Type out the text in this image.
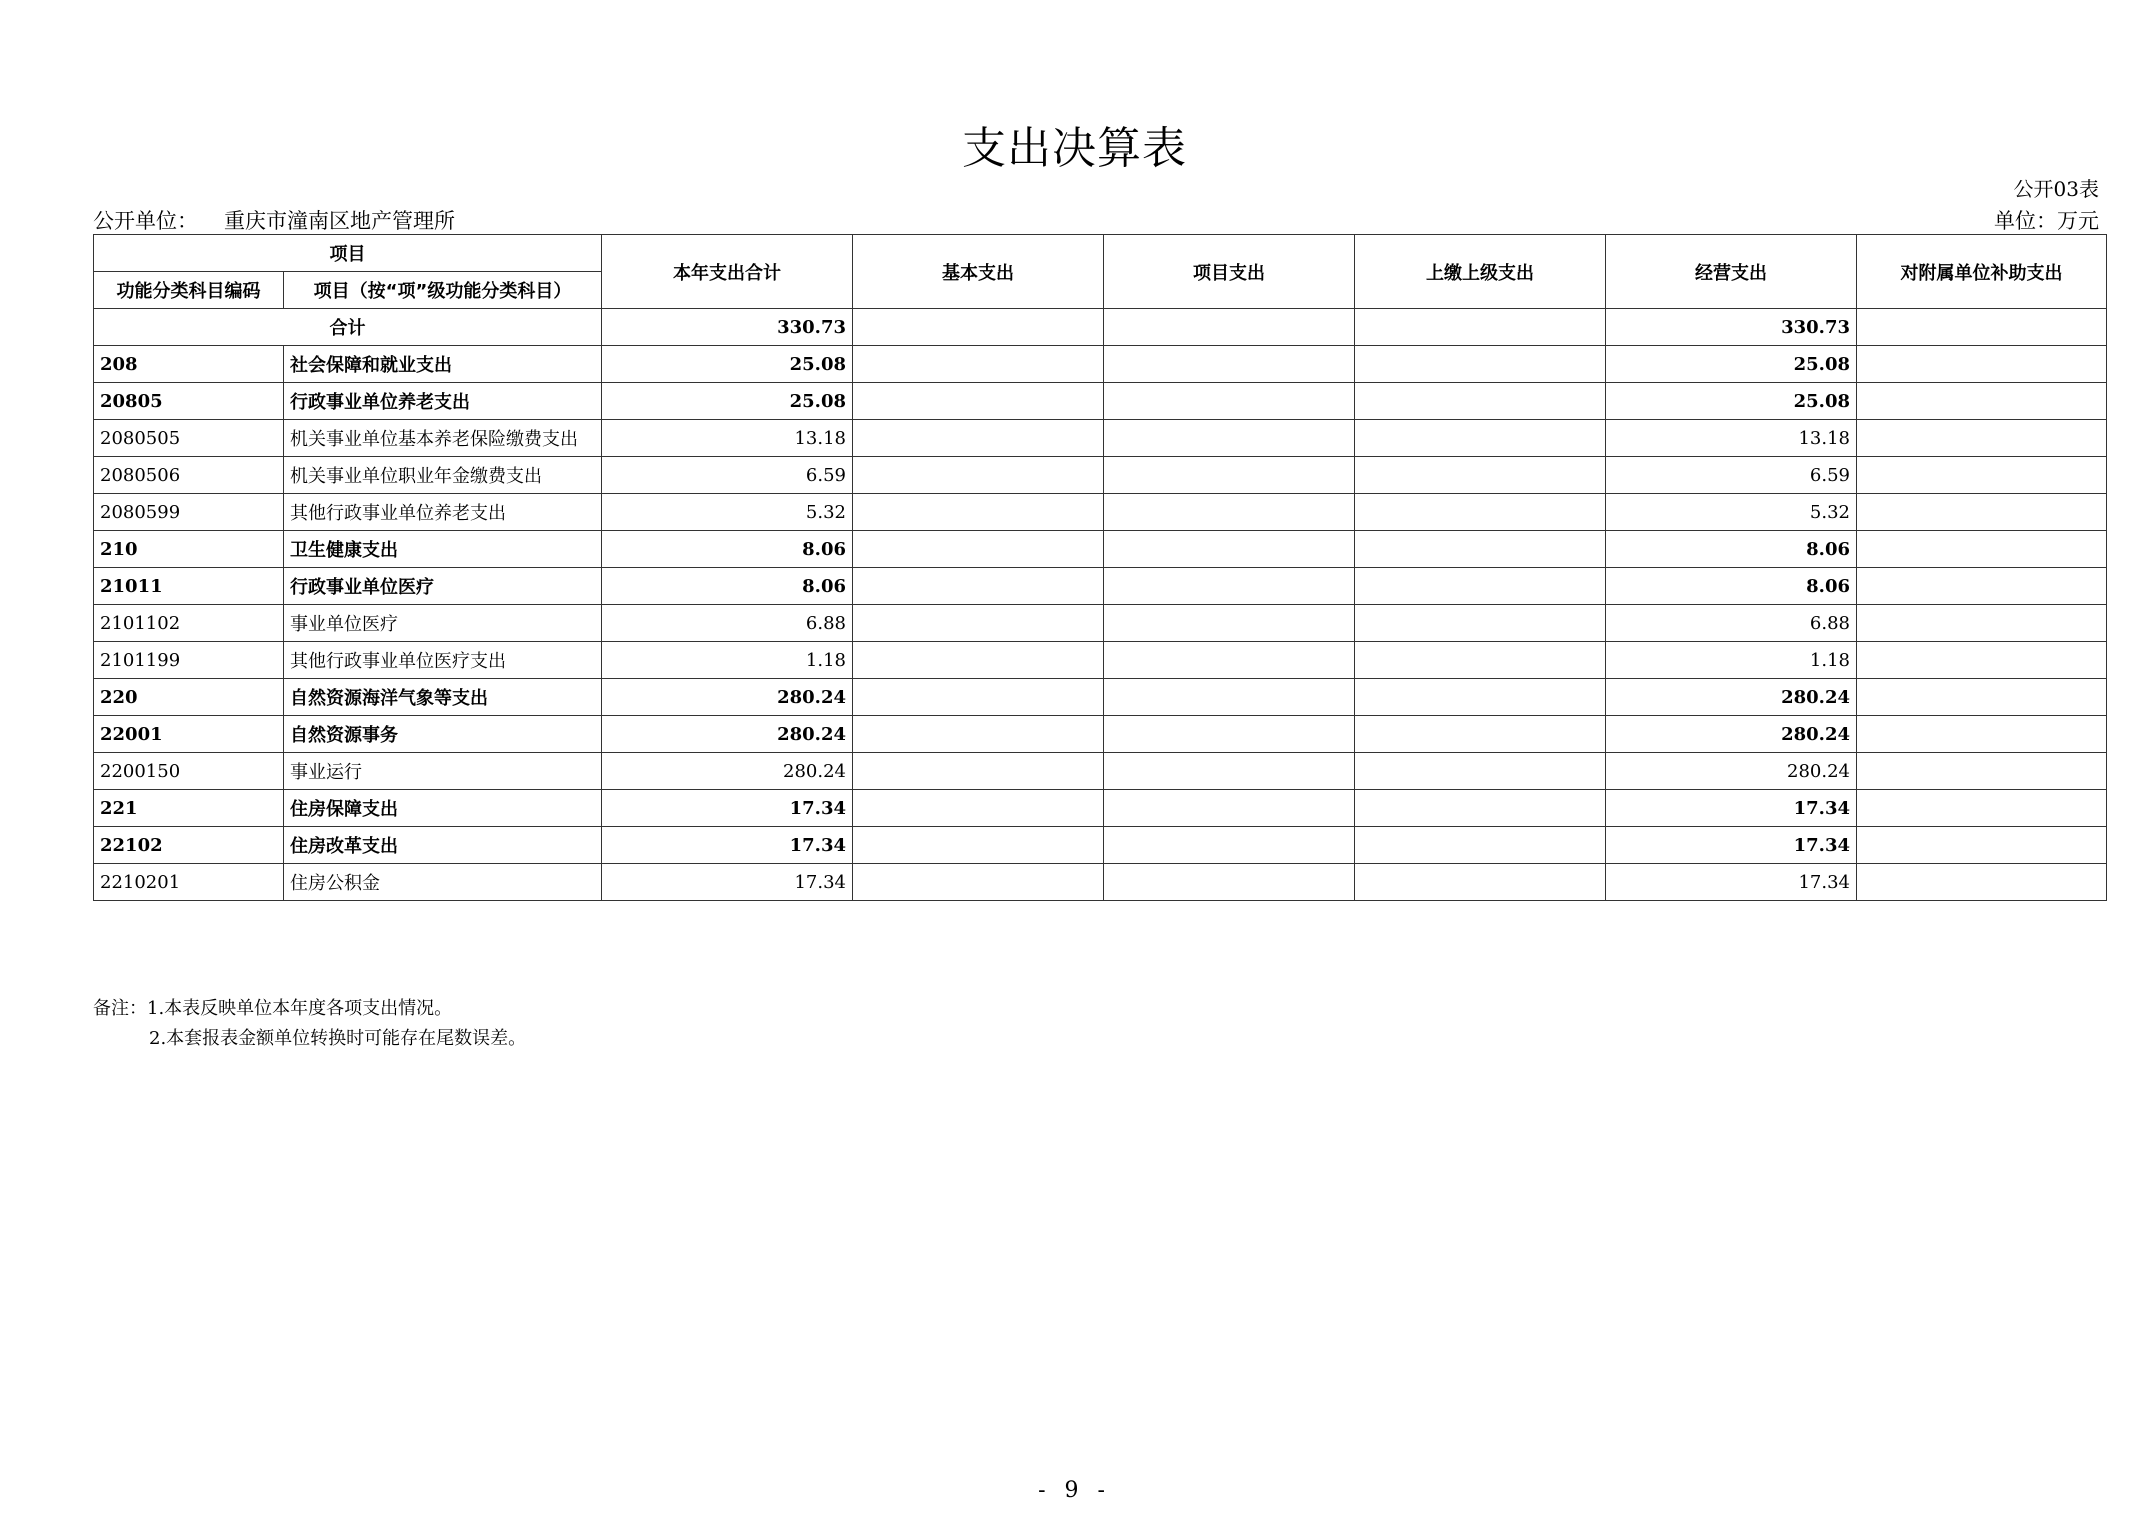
支出决算表
公开03表
公开单位： 重庆市潼南区地产管理所	单位：万元
项目		本年支出合计	基本支出	项目支出	上缴上级支出	经营支出	对附属单位补助支出
功能分类科目编码	项目（按“项”级功能分类科目）						
合计		330.73				330.73	
208	社会保障和就业支出	25.08				25.08	
20805	行政事业单位养老支出	25.08				25.08	
2080505	机关事业单位基本养老保险缴费支出	13.18				13.18	
2080506	机关事业单位职业年金缴费支出	6.59				6.59	
2080599	其他行政事业单位养老支出	5.32				5.32	
210	卫生健康支出	8.06				8.06	
21011	行政事业单位医疗	8.06				8.06	
2101102	事业单位医疗	6.88				6.88	
2101199	其他行政事业单位医疗支出	1.18				1.18	
220	自然资源海洋气象等支出	280.24				280.24	
22001	自然资源事务	280.24				280.24	
2200150	事业运行	280.24				280.24	
221	住房保障支出	17.34				17.34	
22102	住房改革支出	17.34				17.34	
2210201	住房公积金	17.34				17.34	
备注：1.本表反映单位本年度各项支出情况。
2.本套报表金额单位转换时可能存在尾数误差。
- 9 -
